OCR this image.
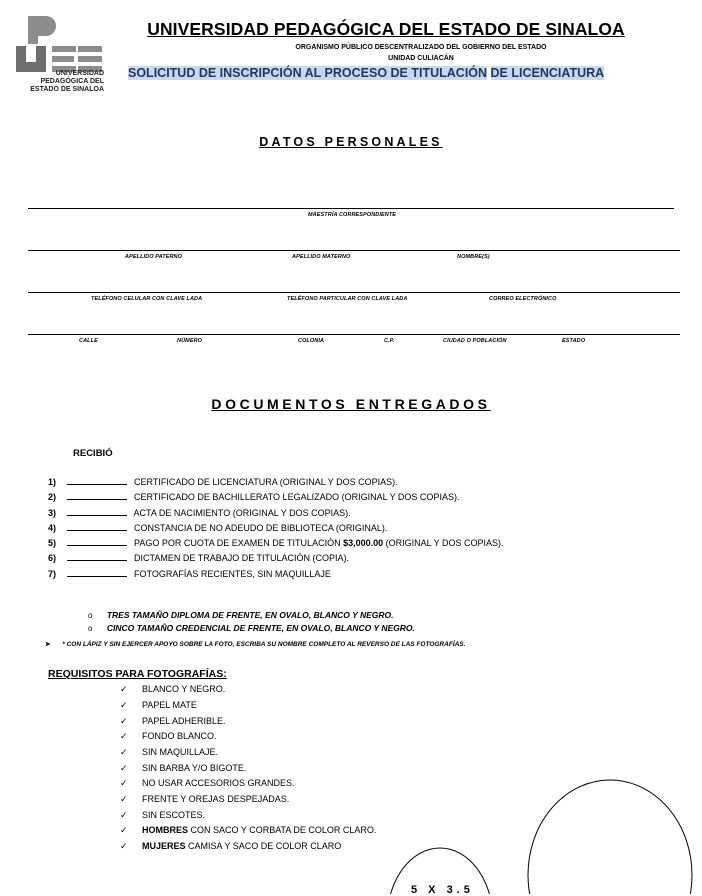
UNIVERSIDAD
PEDAGÓGICA DEL
ESTADO DE SINALOA
UNIVERSIDAD PEDAGÓGICA DEL ESTADO DE SINALOA
ORGANISMO PÚBLICO DESCENTRALIZADO DEL GOBIERNO DEL ESTADO
UNIDAD CULIACÁN
SOLICITUD DE INSCRIPCIÓN AL PROCESO DE TITULACIÓN DE LICENCIATURA
DATOS PERSONALES
MAESTRÍA CORRESPONDIENTE
APELLIDO PATERNO	APELLIDO MATERNO	NOMBRE(S)
TELÉFONO CELULAR CON CLAVE LADA	TELÉFONO PARTICULAR CON CLAVE LADA	CORREO ELECTRÓNICO
CALLE	NÚMERO	COLONIA	C.P.	CIUDAD O POBLACIÓN	ESTADO
DOCUMENTOS ENTREGADOS
RECIBIÓ
1)	CERTIFICADO DE LICENCIATURA (ORIGINAL Y DOS COPIAS).
2)	CERTIFICADO DE BACHILLERATO LEGALIZADO (ORIGINAL Y DOS COPIAS).
3)	ACTA DE NACIMIENTO (ORIGINAL Y DOS COPIAS).
4)	CONSTANCIA DE NO ADEUDO DE BIBLIOTECA (ORIGINAL).
5)	PAGO POR CUOTA DE EXAMEN DE TITULACIÓN $3,000.00 (ORIGINAL Y DOS COPIAS).
6)	DICTAMEN DE TRABAJO DE TITULACIÓN (COPIA).
7)	FOTOGRAFÍAS RECIENTES, SIN MAQUILLAJE
o TRES TAMAÑO DIPLOMA DE FRENTE, EN OVALO, BLANCO Y NEGRO.
o CINCO TAMAÑO CREDENCIAL DE FRENTE, EN OVALO, BLANCO Y NEGRO.
➤ * CON LÁPIZ Y SIN EJERCER APOYO SOBRE LA FOTO, ESCRIBA SU NOMBRE COMPLETO AL REVERSO DE LAS FOTOGRAFÍAS.
REQUISITOS PARA FOTOGRAFÍAS:
✓ BLANCO Y NEGRO.
✓ PAPEL MATE
✓ PAPEL ADHERIBLE.
✓ FONDO BLANCO.
✓ SIN MAQUILLAJE.
✓ SIN BARBA Y/O BIGOTE.
✓ NO USAR ACCESORIOS GRANDES.
✓ FRENTE Y OREJAS DESPEJADAS.
✓ SIN ESCOTES.
✓ HOMBRES CON SACO Y CORBATA DE COLOR CLARO.
✓ MUJERES CAMISA Y SACO DE COLOR CLARO
5 X 3.5
